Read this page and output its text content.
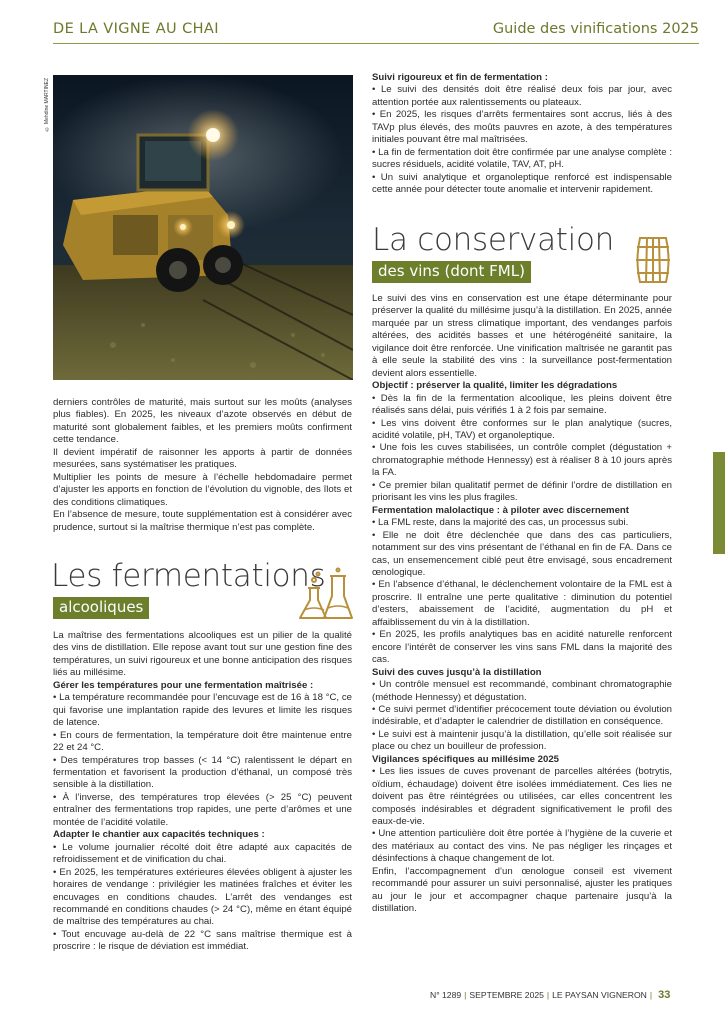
DE LA VIGNE AU CHAI	Guide des vinifications 2025
© Mehdine MARTINEZ

derniers contrôles de maturité, mais surtout sur les moûts (analyses plus fiables). En 2025, les niveaux d’azote observés en début de maturité sont globalement faibles, et les premiers moûts confirment cette tendance.

Il devient impératif de raisonner les apports à partir de données mesurées, sans systématiser les pratiques.

Multiplier les points de mesure à l’échelle hebdomadaire permet d’ajuster les apports en fonction de l’évolution du vignoble, des îlots et des conditions climatiques.

En l’absence de mesure, toute supplémentation est à considérer avec prudence, surtout si la maîtrise thermique n’est pas complète.

Les fermentations
alcooliques

La maîtrise des fermentations alcooliques est un pilier de la qualité des vins de distillation. Elle repose avant tout sur une gestion fine des températures, un suivi rigoureux et une bonne anticipation des risques liés au millésime.

Gérer les températures pour une fermentation maîtrisée :

• La température recommandée pour l’encuvage est de 16 à 18 °C, ce qui favorise une implantation rapide des levures et limite les risques de latence.

• En cours de fermentation, la température doit être maintenue entre 22 et 24 °C.

• Des températures trop basses (< 14 °C) ralentissent le départ en fermentation et favorisent la production d’éthanal, un composé très sensible à la distillation.

• À l’inverse, des températures trop élevées (> 25 °C) peuvent entraîner des fermentations trop rapides, une perte d’arômes et une montée de l’acidité volatile.

Adapter le chantier aux capacités techniques :

• Le volume journalier récolté doit être adapté aux capacités de refroidissement et de vinification du chai.

• En 2025, les températures extérieures élevées obligent à ajuster les horaires de vendange : privilégier les matinées fraîches et éviter les encuvages en conditions chaudes. L’arrêt des vendanges est recommandé en conditions chaudes (> 24 °C), même en étant équipé de maîtrise des températures au chai.

• Tout encuvage au-delà de 22 °C sans maîtrise thermique est à proscrire : le risque de déviation est immédiat.

Suivi rigoureux et fin de fermentation :

• Le suivi des densités doit être réalisé deux fois par jour, avec attention portée aux ralentissements ou plateaux.

• En 2025, les risques d’arrêts fermentaires sont accrus, liés à des TAVp plus élevés, des moûts pauvres en azote, à des températures initiales pouvant être mal maîtrisées.

• La fin de fermentation doit être confirmée par une analyse complète : sucres résiduels, acidité volatile, TAV, AT, pH.

• Un suivi analytique et organoleptique renforcé est indispensable cette année pour détecter toute anomalie et intervenir rapidement.

La conservation
des vins (dont FML)

Le suivi des vins en conservation est une étape déterminante pour préserver la qualité du millésime jusqu’à la distillation. En 2025, année marquée par un stress climatique important, des vendanges parfois altérées, des acidités basses et une hétérogénéité sanitaire, la vigilance doit être renforcée. Une vinification maîtrisée ne garantit pas à elle seule la stabilité des vins : la surveillance post-fermentation devient alors essentielle.

Objectif : préserver la qualité, limiter les dégradations

• Dès la fin de la fermentation alcoolique, les pleins doivent être réalisés sans délai, puis vérifiés 1 à 2 fois par semaine.

• Les vins doivent être conformes sur le plan analytique (sucres, acidité volatile, pH, TAV) et organoleptique.

• Une fois les cuves stabilisées, un contrôle complet (dégustation + chromatographie méthode Hennessy) est à réaliser 8 à 10 jours après la FA.

• Ce premier bilan qualitatif permet de définir l’ordre de distillation en priorisant les vins les plus fragiles.

Fermentation malolactique : à piloter avec discernement

• La FML reste, dans la majorité des cas, un processus subi.

• Elle ne doit être déclenchée que dans des cas particuliers, notamment sur des vins présentant de l’éthanal en fin de FA. Dans ce cas, un ensemencement ciblé peut être envisagé, sous encadrement œnologique.

• En l’absence d’éthanal, le déclenchement volontaire de la FML est à proscrire. Il entraîne une perte qualitative : diminution du potentiel d’esters, abaissement de l’acidité, augmentation du pH et affaiblissement du vin à la distillation.

• En 2025, les profils analytiques bas en acidité naturelle renforcent encore l’intérêt de conserver les vins sans FML dans la majorité des cas.

Suivi des cuves jusqu’à la distillation

• Un contrôle mensuel est recommandé, combinant chromatographie (méthode Hennessy) et dégustation.

• Ce suivi permet d’identifier précocement toute déviation ou évolution indésirable, et d’adapter le calendrier de distillation en conséquence.

• Le suivi est à maintenir jusqu’à la distillation, qu’elle soit réalisée sur place ou chez un bouilleur de profession.

Vigilances spécifiques au millésime 2025

• Les lies issues de cuves provenant de parcelles altérées (botrytis, oïdium, échaudage) doivent être isolées immédiatement. Ces lies ne doivent pas être réintégrées ou utilisées, car elles concentrent les composés indésirables et dégradent significativement le profil des eaux-de-vie.

• Une attention particulière doit être portée à l’hygiène de la cuverie et des matériaux au contact des vins. Ne pas négliger les rinçages et désinfections à chaque changement de lot.

Enfin, l’accompagnement d’un œnologue conseil est vivement recommandé pour assurer un suivi personnalisé, ajuster les pratiques au jour le jour et accompagner chaque partenaire jusqu’à la distillation.

N° 1289 | SEPTEMBRE 2025 | LE PAYSAN VIGNERON | 33
